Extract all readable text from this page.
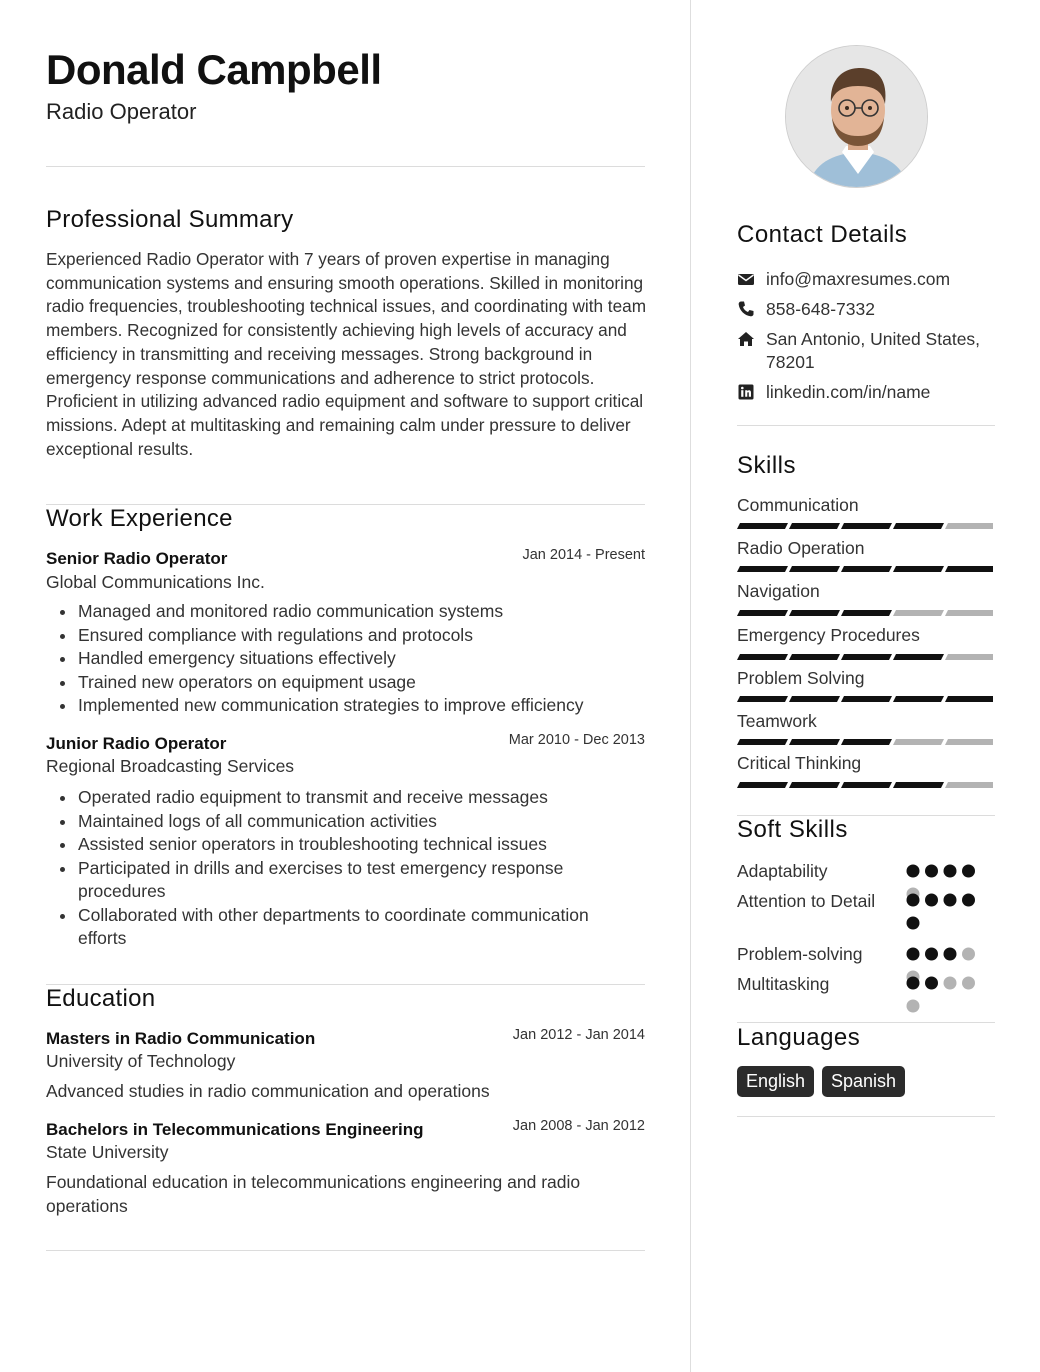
Donald Campbell
Radio Operator
Professional Summary
Experienced Radio Operator with 7 years of proven expertise in managing communication systems and ensuring smooth operations. Skilled in monitoring radio frequencies, troubleshooting technical issues, and coordinating with team members. Recognized for consistently achieving high levels of accuracy and efficiency in transmitting and receiving messages. Strong background in emergency response communications and adherence to strict protocols. Proficient in utilizing advanced radio equipment and software to support critical missions. Adept at multitasking and remaining calm under pressure to deliver exceptional results.
Work Experience
Senior Radio Operator	Jan 2014 - Present
Global Communications Inc.
Managed and monitored radio communication systems
Ensured compliance with regulations and protocols
Handled emergency situations effectively
Trained new operators on equipment usage
Implemented new communication strategies to improve efficiency
Junior Radio Operator	Mar 2010 - Dec 2013
Regional Broadcasting Services
Operated radio equipment to transmit and receive messages
Maintained logs of all communication activities
Assisted senior operators in troubleshooting technical issues
Participated in drills and exercises to test emergency response procedures
Collaborated with other departments to coordinate communication efforts
Education
Masters in Radio Communication	Jan 2012 - Jan 2014
University of Technology
Advanced studies in radio communication and operations
Bachelors in Telecommunications Engineering	Jan 2008 - Jan 2012
State University
Foundational education in telecommunications engineering and radio operations
Contact Details
info@maxresumes.com
858-648-7332
San Antonio, United States, 78201
linkedin.com/in/name
Skills
Communication
Radio Operation
Navigation
Emergency Procedures
Problem Solving
Teamwork
Critical Thinking
Soft Skills
Adaptability
Attention to Detail
Problem-solving
Multitasking
Languages
English	Spanish
